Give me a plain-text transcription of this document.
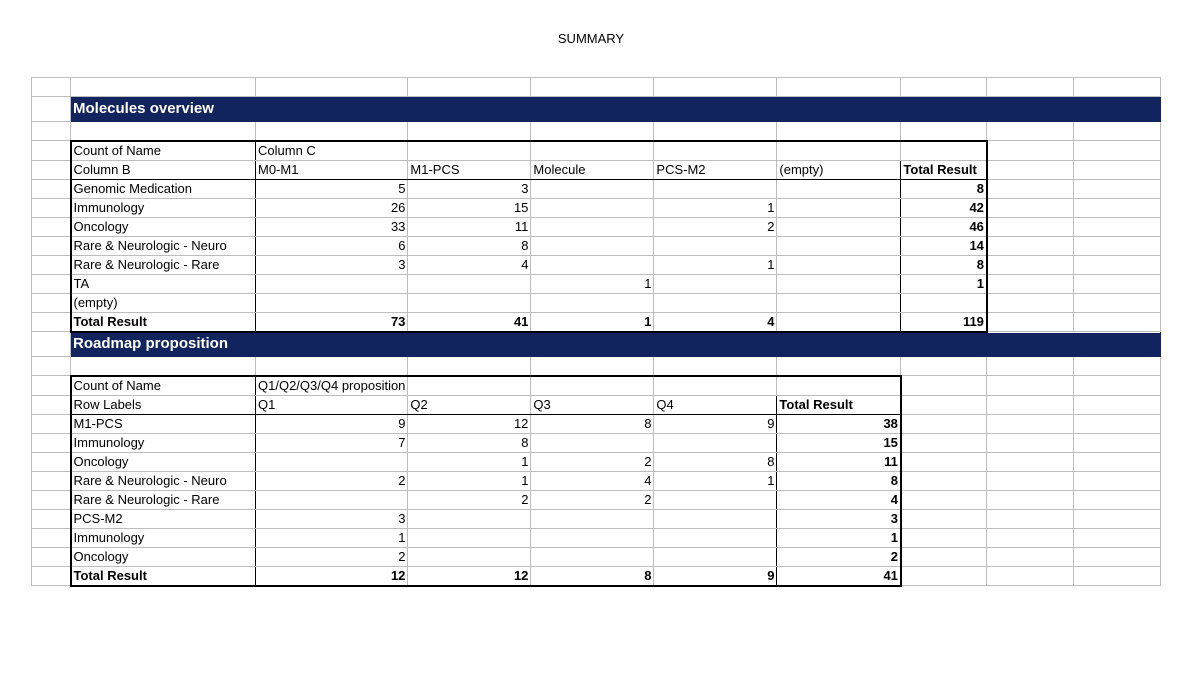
SUMMARY

	Molecules overview								

	Count of Name	Column C							
	Column B	M0-M1	M1-PCS	Molecule	PCS-M2	(empty)	Total Result		
	Genomic Medication	5	3				8		
	Immunology	26	15		1		42		
	Oncology	33	11		2		46		
	Rare & Neurologic - Neuro	6	8				14		
	Rare & Neurologic - Rare	3	4		1		8		
	TA			1			1		
	(empty)								
	Total Result	73	41	1	4		119		
	Roadmap proposition								

	Count of Name	Q1/Q2/Q3/Q4 proposition							
	Row Labels	Q1	Q2	Q3	Q4	Total Result			
	M1-PCS	9	12	8	9	38			
	Immunology	7	8			15			
	Oncology		1	2	8	11			
	Rare & Neurologic - Neuro	2	1	4	1	8			
	Rare & Neurologic - Rare		2	2		4			
	PCS-M2	3				3			
	Immunology	1				1			
	Oncology	2				2			
	Total Result	12	12	8	9	41			
